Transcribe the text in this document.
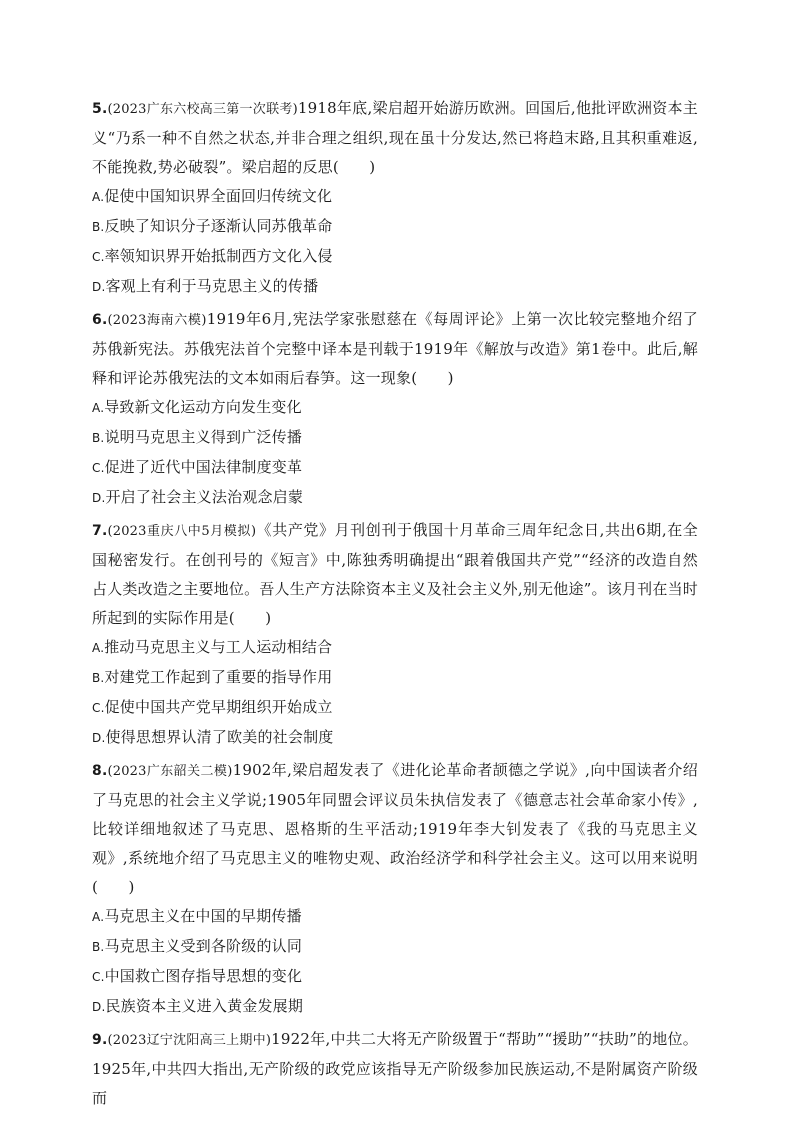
5.(2023广东六校高三第一次联考)1918年底,梁启超开始游历欧洲。回国后,他批评欧洲资本主义“乃系一种不自然之状态,并非合理之组织,现在虽十分发达,然已将趋末路,且其积重难返,不能挽救,势必破裂”。梁启超的反思(　　)

A.促使中国知识界全面回归传统文化

B.反映了知识分子逐渐认同苏俄革命

C.率领知识界开始抵制西方文化入侵

D.客观上有利于马克思主义的传播

6.(2023海南六模)1919年6月,宪法学家张慰慈在《每周评论》上第一次比较完整地介绍了苏俄新宪法。苏俄宪法首个完整中译本是刊载于1919年《解放与改造》第1卷中。此后,解释和评论苏俄宪法的文本如雨后春笋。这一现象(　　)

A.导致新文化运动方向发生变化

B.说明马克思主义得到广泛传播

C.促进了近代中国法律制度变革

D.开启了社会主义法治观念启蒙

7.(2023重庆八中5月模拟)《共产党》月刊创刊于俄国十月革命三周年纪念日,共出6期,在全国秘密发行。在创刊号的《短言》中,陈独秀明确提出“跟着俄国共产党”“经济的改造自然占人类改造之主要地位。吾人生产方法除资本主义及社会主义外,别无他途”。该月刊在当时所起到的实际作用是(　　)

A.推动马克思主义与工人运动相结合

B.对建党工作起到了重要的指导作用

C.促使中国共产党早期组织开始成立

D.使得思想界认清了欧美的社会制度

8.(2023广东韶关二模)1902年,梁启超发表了《进化论革命者颉德之学说》,向中国读者介绍了马克思的社会主义学说;1905年同盟会评议员朱执信发表了《德意志社会革命家小传》,比较详细地叙述了马克思、恩格斯的生平活动;1919年李大钊发表了《我的马克思主义观》,系统地介绍了马克思主义的唯物史观、政治经济学和科学社会主义。这可以用来说明(　　)

A.马克思主义在中国的早期传播

B.马克思主义受到各阶级的认同

C.中国救亡图存指导思想的变化

D.民族资本主义进入黄金发展期

9.(2023辽宁沈阳高三上期中)1922年,中共二大将无产阶级置于“帮助”“援助”“扶助”的地位。1925年,中共四大指出,无产阶级的政党应该指导无产阶级参加民族运动,不是附属资产阶级而
